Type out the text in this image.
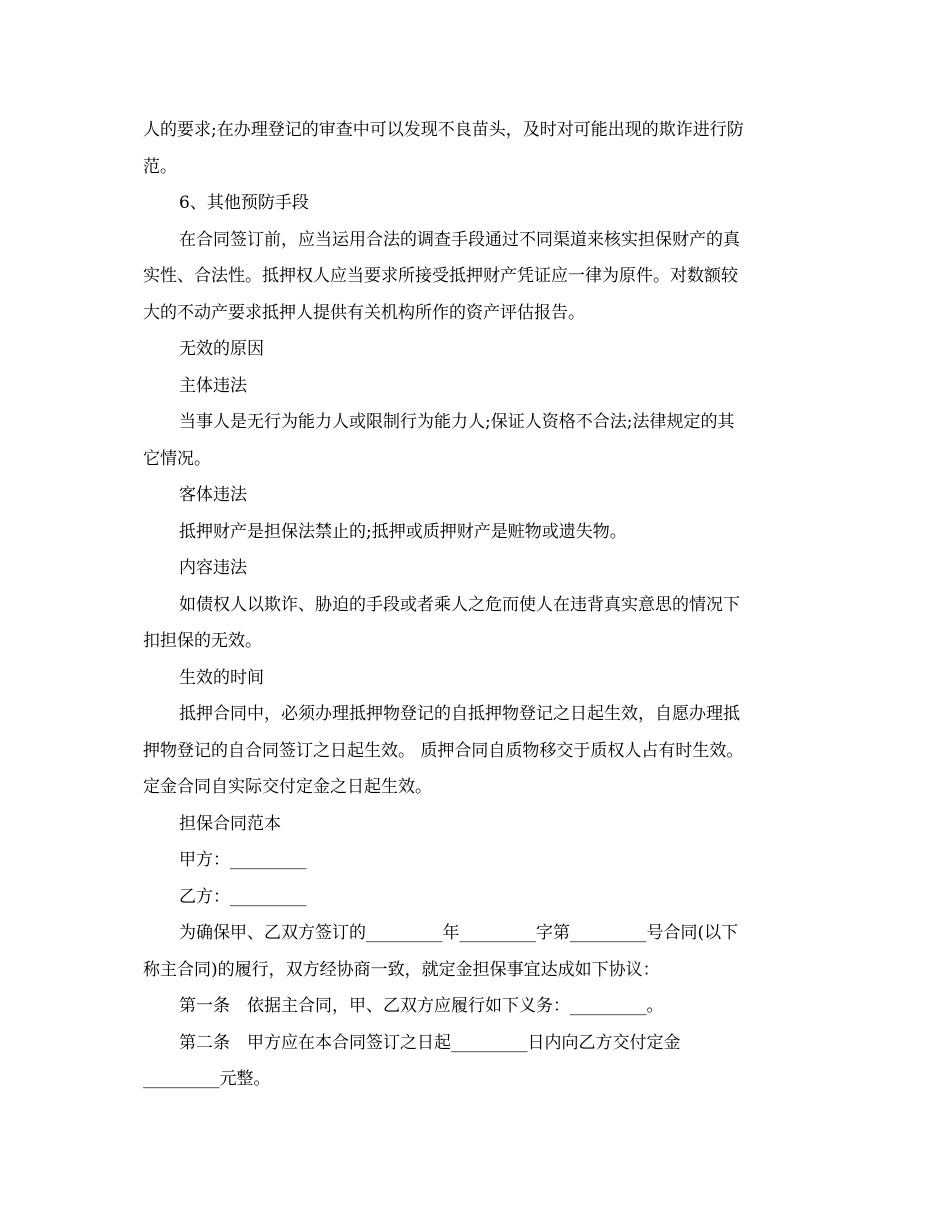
人的要求;在办理登记的审查中可以发现不良苗头，及时对可能出现的欺诈进行防
范。
6、其他预防手段
在合同签订前，应当运用合法的调查手段通过不同渠道来核实担保财产的真
实性、合法性。抵押权人应当要求所接受抵押财产凭证应一律为原件。对数额较
大的不动产要求抵押人提供有关机构所作的资产评估报告。
无效的原因
主体违法
当事人是无行为能力人或限制行为能力人;保证人资格不合法;法律规定的其
它情况。
客体违法
抵押财产是担保法禁止的;抵押或质押财产是赃物或遗失物。
内容违法
如债权人以欺诈、胁迫的手段或者乘人之危而使人在违背真实意思的情况下
扣担保的无效。
生效的时间
抵押合同中，必须办理抵押物登记的自抵押物登记之日起生效，自愿办理抵
押物登记的自合同签订之日起生效。 质押合同自质物移交于质权人占有时生效。
定金合同自实际交付定金之日起生效。
担保合同范本
甲方：_________
乙方：_________
为确保甲、乙双方签订的_________年_________字第_________号合同(以下
称主合同)的履行，双方经协商一致，就定金担保事宜达成如下协议：
第一条　依据主合同，甲、乙双方应履行如下义务：_________。
第二条　甲方应在本合同签订之日起_________日内向乙方交付定金
_________元整。
